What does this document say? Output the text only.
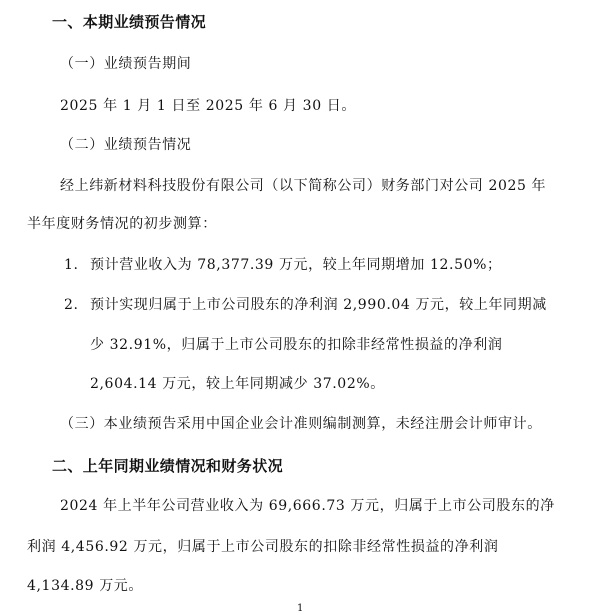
一、本期业绩预告情况
（一）业绩预告期间
2025 年 1 月 1 日至 2025 年 6 月 30 日。
（二）业绩预告情况
经上纬新材料科技股份有限公司（以下简称公司）财务部门对公司 2025 年
半年度财务情况的初步测算：
1. 预计营业收入为 78,377.39 万元，较上年同期增加 12.50%；
2. 预计实现归属于上市公司股东的净利润 2,990.04 万元，较上年同期减
少 32.91%，归属于上市公司股东的扣除非经常性损益的净利润
2,604.14 万元，较上年同期减少 37.02%。
（三）本业绩预告采用中国企业会计准则编制测算，未经注册会计师审计。
二、上年同期业绩情况和财务状况
2024 年上半年公司营业收入为 69,666.73 万元，归属于上市公司股东的净
利润 4,456.92 万元，归属于上市公司股东的扣除非经常性损益的净利润
4,134.89 万元。
1
